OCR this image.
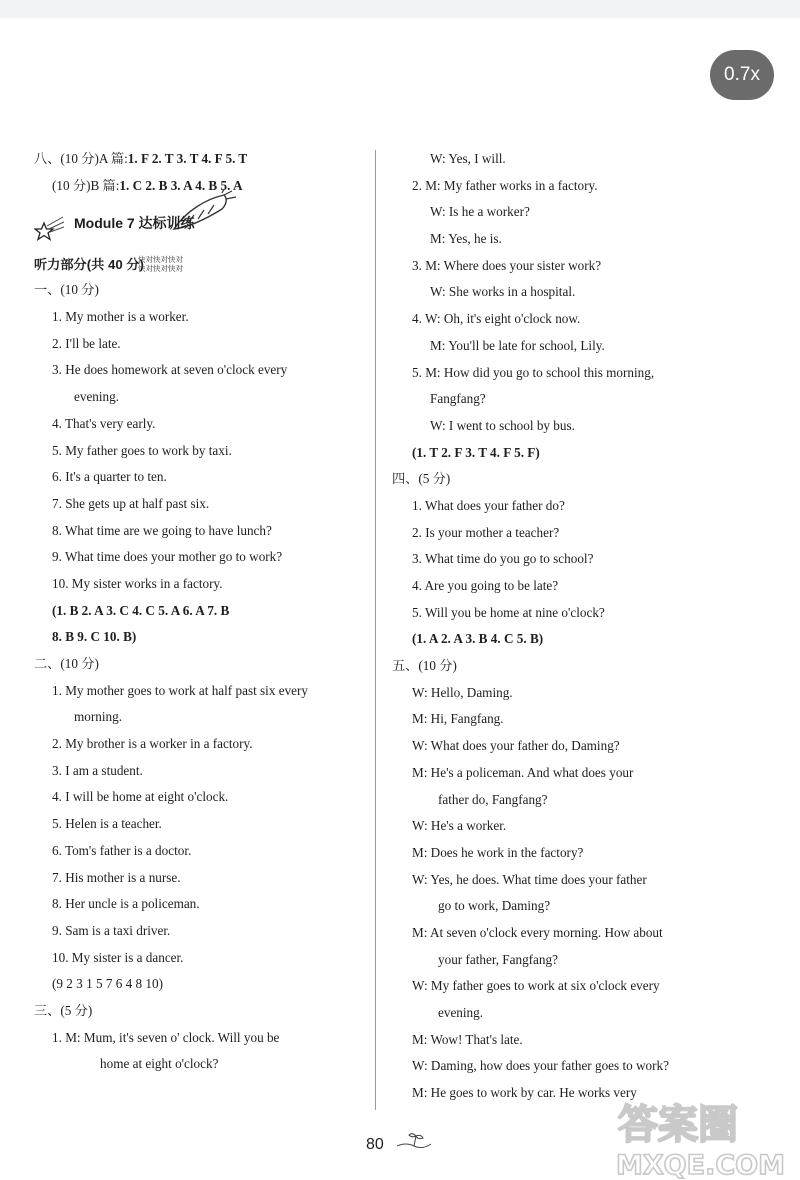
0.7x
八、(10 分)A 篇:1. F 2. T 3. T 4. F 5. T
(10 分)B 篇:1. C 2. B 3. A 4. B 5. A
Module 7 达标训练
听力部分(共 40 分)
快对快对快对
快对快对快对
一、(10 分)
1. My mother is a worker.
2. I'll be late.
3. He does homework at seven o'clock every
evening.
4. That's very early.
5. My father goes to work by taxi.
6. It's a quarter to ten.
7. She gets up at half past six.
8. What time are we going to have lunch?
9. What time does your mother go to work?
10. My sister works in a factory.
(1. B 2. A 3. C 4. C 5. A 6. A 7. B
8. B 9. C 10. B)
二、(10 分)
1. My mother goes to work at half past six every
morning.
2. My brother is a worker in a factory.
3. I am a student.
4. I will be home at eight o'clock.
5. Helen is a teacher.
6. Tom's father is a doctor.
7. His mother is a nurse.
8. Her uncle is a policeman.
9. Sam is a taxi driver.
10. My sister is a dancer.
(9 2 3 1 5 7 6 4 8 10)
三、(5 分)
1. M: Mum, it's seven o' clock. Will you be
home at eight o'clock?
W: Yes, I will.
2. M: My father works in a factory.
W: Is he a worker?
M: Yes, he is.
3. M: Where does your sister work?
W: She works in a hospital.
4. W: Oh, it's eight o'clock now.
M: You'll be late for school, Lily.
5. M: How did you go to school this morning,
Fangfang?
W: I went to school by bus.
(1. T 2. F 3. T 4. F 5. F)
四、(5 分)
1. What does your father do?
2. Is your mother a teacher?
3. What time do you go to school?
4. Are you going to be late?
5. Will you be home at nine o'clock?
(1. A 2. A 3. B 4. C 5. B)
五、(10 分)
W: Hello, Daming.
M: Hi, Fangfang.
W: What does your father do, Daming?
M: He's a policeman. And what does your
father do, Fangfang?
W: He's a worker.
M: Does he work in the factory?
W: Yes, he does. What time does your father
go to work, Daming?
M: At seven o'clock every morning. How about
your father, Fangfang?
W: My father goes to work at six o'clock every
evening.
M: Wow! That's late.
W: Daming, how does your father goes to work?
M: He goes to work by car. He works very
80	答案圈
MXQE.COM
